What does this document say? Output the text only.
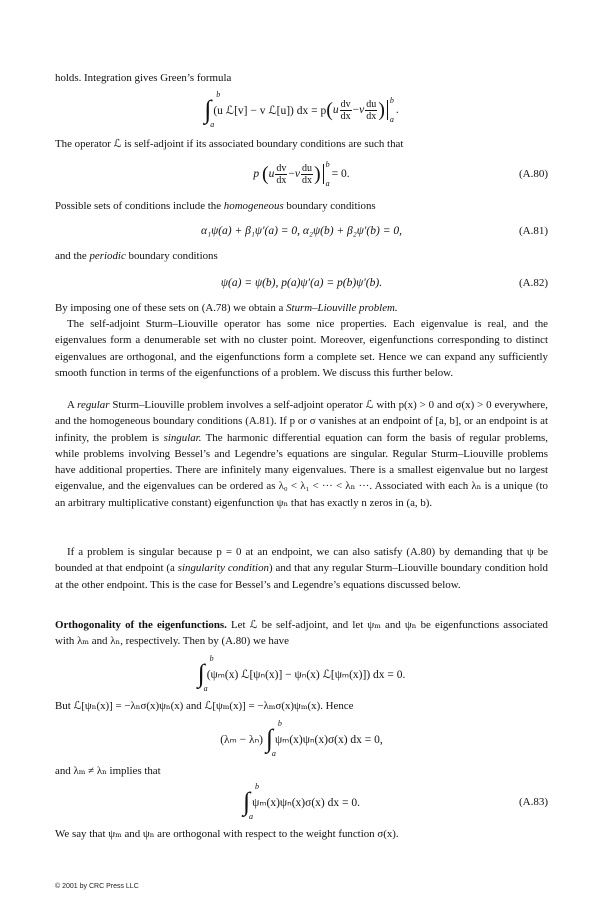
holds. Integration gives Green’s formula

∫
b
a
(u ℒ[v] − v ℒ[u]) dx = p ( u $\frac{dv}{dx} - v \frac{du}{dx}$ ) b
a
.

The operator ℒ is self-adjoint if its associated boundary conditions are such that

p
( u $\frac{dv}{dx} - v \frac{du}{dx}$ ) b
a
= 0.	(A.80)

Possible sets of conditions include the homogeneous boundary conditions

α₁ψ(a) + β₁ψ′(a) = 0, α₂ψ(b) + β₂ψ′(b) = 0,	(A.81)

and the periodic boundary conditions

ψ(a) = ψ(b), p(a)ψ′(a) = p(b)ψ′(b).	(A.82)

By imposing one of these sets on (A.78) we obtain a Sturm–Liouville problem.

The self-adjoint Sturm–Liouville operator has some nice properties. Each eigenvalue is real, and the eigenvalues form a denumerable set with no cluster point. Moreover, eigenfunctions corresponding to distinct eigenvalues are orthogonal, and the eigenfunctions form a complete set. Hence we can expand any sufficiently smooth function in terms of the eigenfunctions of a problem. We discuss this further below.

A regular Sturm–Liouville problem involves a self-adjoint operator ℒ with p(x) > 0 and σ(x) > 0 everywhere, and the homogeneous boundary conditions (A.81). If p or σ vanishes at an endpoint of [a, b], or an endpoint is at infinity, the problem is singular. The harmonic differential equation can form the basis of regular problems, while problems involving Bessel’s and Legendre’s equations are singular. Regular Sturm–Liouville problems have additional properties. There are infinitely many eigenvalues. There is a smallest eigenvalue but no largest eigenvalue, and the eigenvalues can be ordered as λ₀ < λ₁ < ··· < λₙ ···. Associated with each λₙ is a unique (to an arbitrary multiplicative constant) eigenfunction ψₙ that has exactly n zeros in (a, b).

If a problem is singular because p = 0 at an endpoint, we can also satisfy (A.80) by demanding that ψ be bounded at that endpoint (a singularity condition) and that any regular Sturm–Liouville boundary condition hold at the other endpoint. This is the case for Bessel’s and Legendre’s equations discussed below.

Orthogonality of the eigenfunctions. Let ℒ be self-adjoint, and let ψₘ and ψₙ be eigenfunctions associated with λₘ and λₙ, respectively. Then by (A.80) we have

∫
b
a
(ψₘ(x) ℒ[ψₙ(x)] − ψₙ(x) ℒ[ψₘ(x)]) dx = 0.

But ℒ[ψₙ(x)] = −λₙσ(x)ψₙ(x) and ℒ[ψₘ(x)] = −λₘσ(x)ψₘ(x). Hence

(λₘ − λₙ)
∫
b
a
ψₘ(x)ψₙ(x)σ(x) dx = 0,

and λₘ ≠ λₙ implies that

∫
b
a
ψₘ(x)ψₙ(x)σ(x) dx = 0.	(A.83)

We say that ψₘ and ψₙ are orthogonal with respect to the weight function σ(x).

© 2001 by CRC Press LLC
